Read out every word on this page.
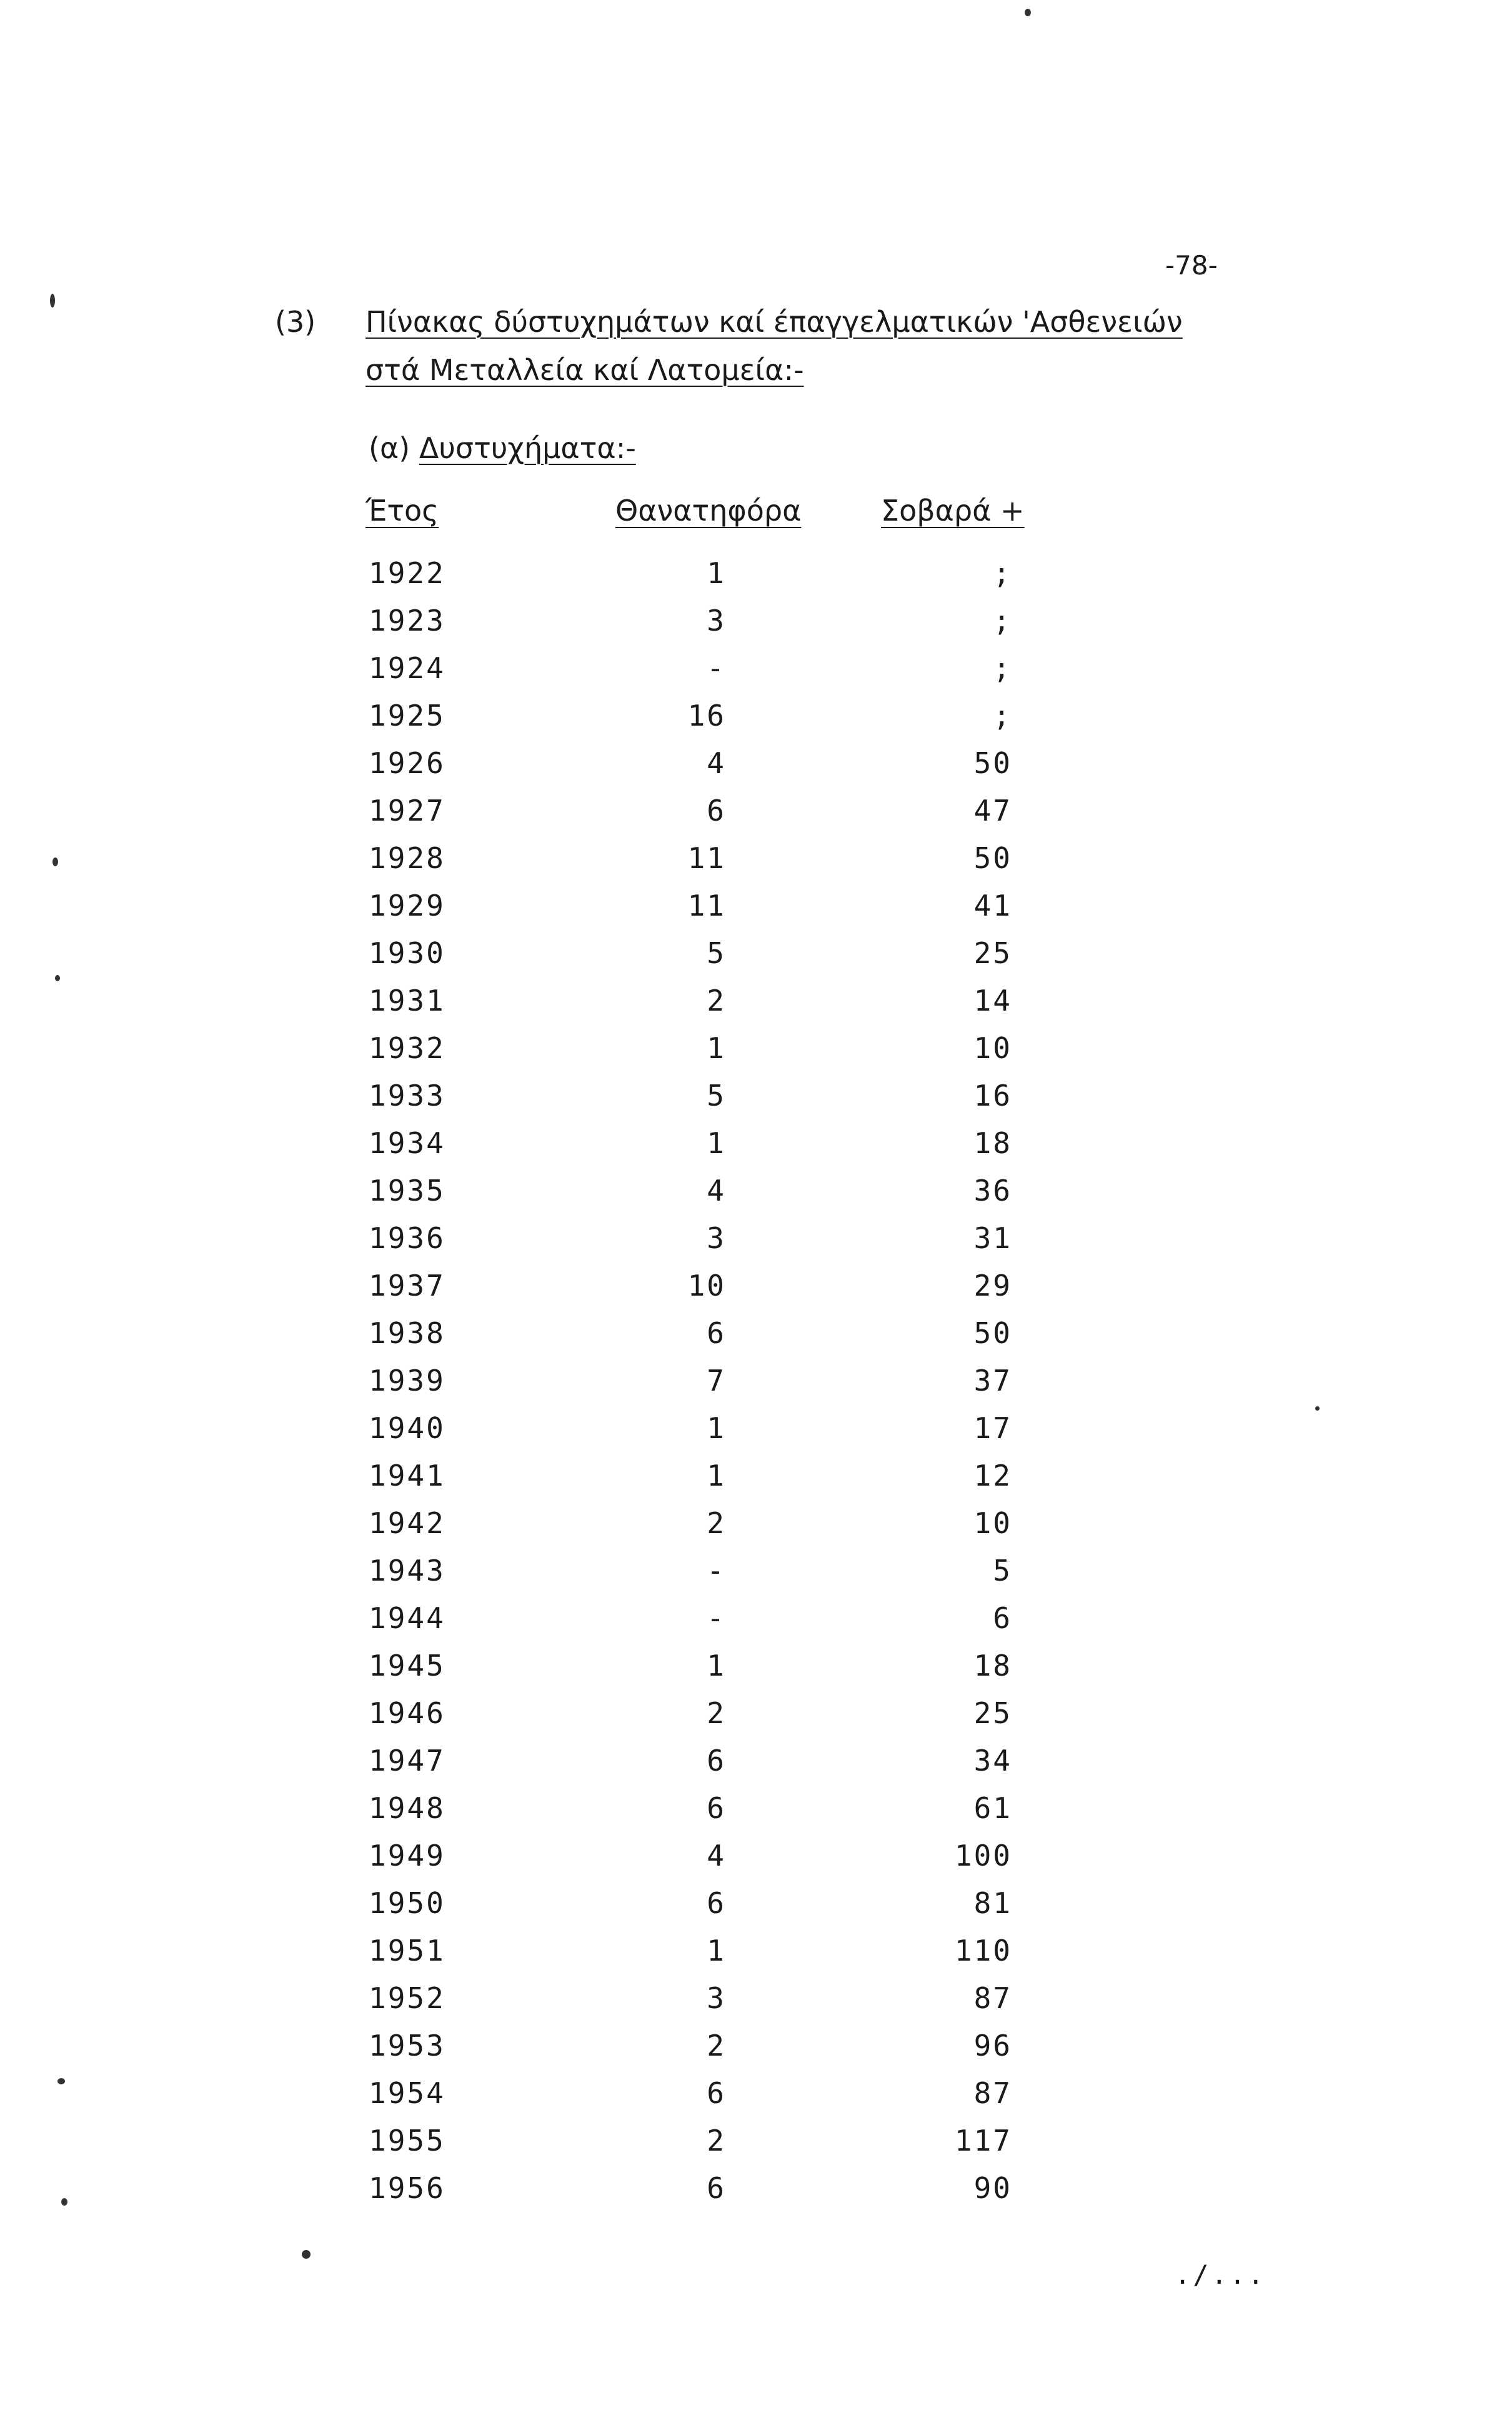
-78-
(3) Πίνακας δύστυχημάτων καί έπαγγελματικών 'Ασθενειών
στά Μεταλλεία καί Λατομεία:-
(α) Δυστυχήματα:-
Έτος	Θανατηφόρα	Σοβαρά +
1922	1	;
1923	3	;
1924	-	;
1925	16	;
1926	4	50
1927	6	47
1928	11	50
1929	11	41
1930	5	25
1931	2	14
1932	1	10
1933	5	16
1934	1	18
1935	4	36
1936	3	31
1937	10	29
1938	6	50
1939	7	37
1940	1	17
1941	1	12
1942	2	10
1943	-	5
1944	-	6
1945	1	18
1946	2	25
1947	6	34
1948	6	61
1949	4	100
1950	6	81
1951	1	110
1952	3	87
1953	2	96
1954	6	87
1955	2	117
1956	6	90
./...
